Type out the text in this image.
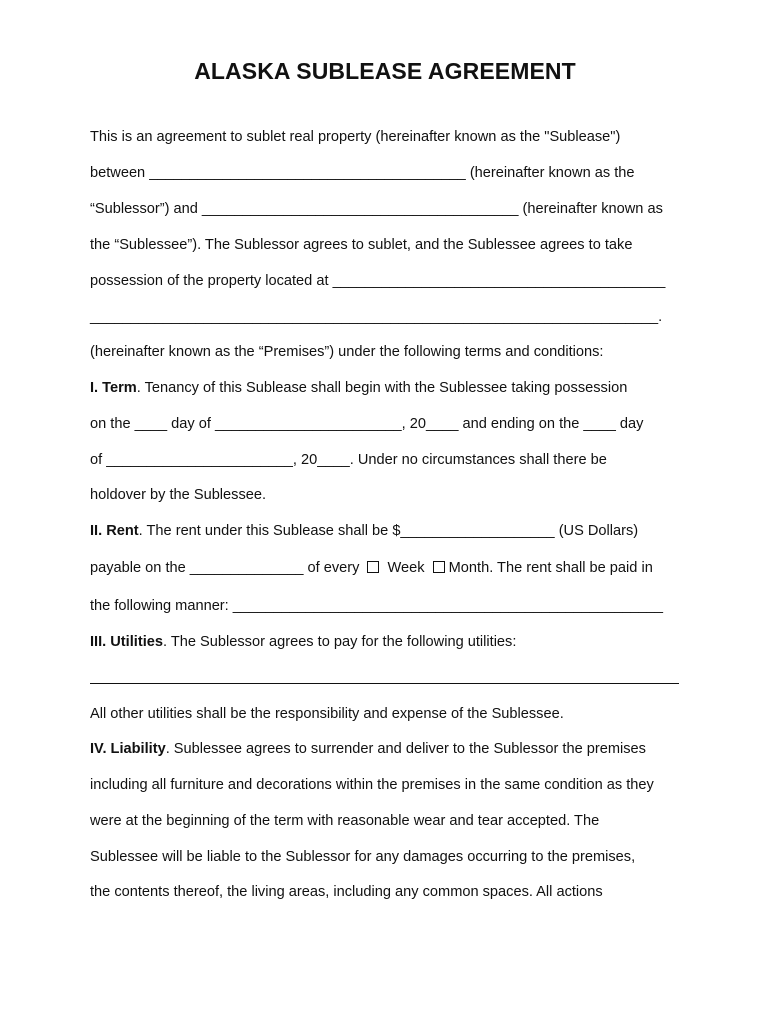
ALASKA SUBLEASE AGREEMENT
This is an agreement to sublet real property (hereinafter known as the "Sublease")
between _______________________________________ (hereinafter known as the
“Sublessor”) and _______________________________________ (hereinafter known as
the “Sublessee”). The Sublessor agrees to sublet, and the Sublessee agrees to take
possession of the property located at _________________________________________
______________________________________________________________________.
(hereinafter known as the “Premises”) under the following terms and conditions:
I. Term. Tenancy of this Sublease shall begin with the Sublessee taking possession
on the ____ day of _______________________, 20____ and ending on the ____ day
of _______________________, 20____. Under no circumstances shall there be
holdover by the Sublessee.
II. Rent. The rent under this Sublease shall be $___________________ (US Dollars)
payable on the ______________ of every Week Month. The rent shall be paid in
the following manner: _____________________________________________________
III. Utilities. The Sublessor agrees to pay for the following utilities:
All other utilities shall be the responsibility and expense of the Sublessee.
IV. Liability. Sublessee agrees to surrender and deliver to the Sublessor the premises
including all furniture and decorations within the premises in the same condition as they
were at the beginning of the term with reasonable wear and tear accepted. The
Sublessee will be liable to the Sublessor for any damages occurring to the premises,
the contents thereof, the living areas, including any common spaces. All actions
